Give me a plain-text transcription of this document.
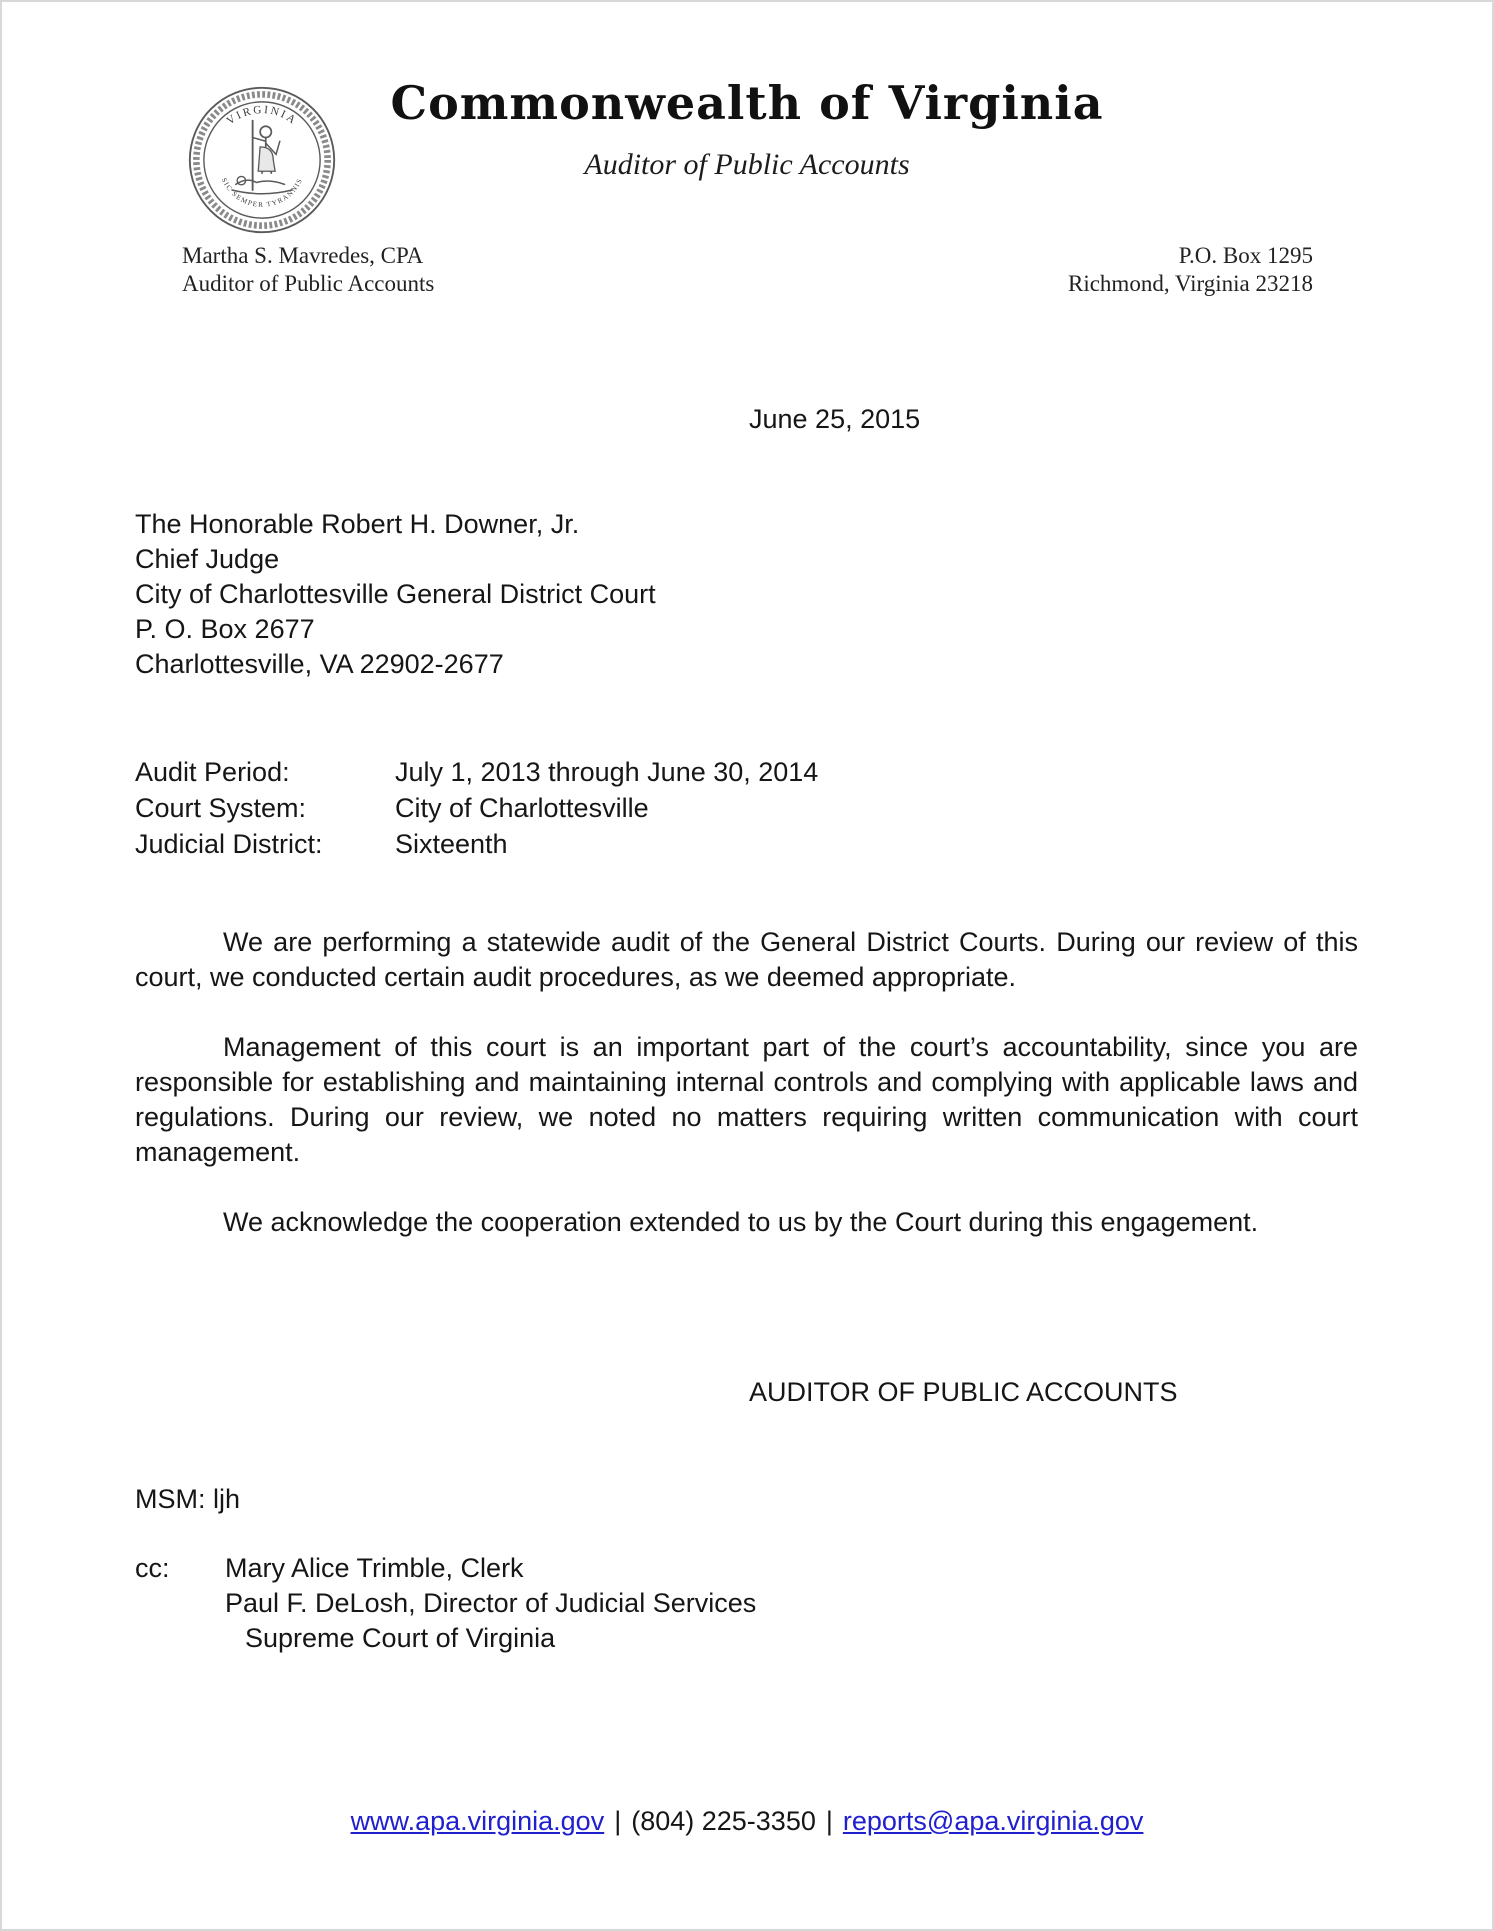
VIRGINIA
SIC SEMPER TYRANNIS
Commonwealth of Virginia
Auditor of Public Accounts
Martha S. Mavredes, CPA
Auditor of Public Accounts
P.O. Box 1295
Richmond, Virginia 23218
June 25, 2015
The Honorable Robert H. Downer, Jr.
Chief Judge
City of Charlottesville General District Court
P. O. Box 2677
Charlottesville, VA 22902-2677
Audit Period:	July 1, 2013 through June 30, 2014
Court System:	City of Charlottesville
Judicial District:	Sixteenth

We are performing a statewide audit of the General District Courts. During our review of this court, we conducted certain audit procedures, as we deemed appropriate.

Management of this court is an important part of the court’s accountability, since you are responsible for establishing and maintaining internal controls and complying with applicable laws and regulations. During our review, we noted no matters requiring written communication with court management.

We acknowledge the cooperation extended to us by the Court during this engagement.

AUDITOR OF PUBLIC ACCOUNTS
MSM: ljh
cc:	Mary Alice Trimble, Clerk
Paul F. DeLosh, Director of Judicial Services
Supreme Court of Virginia
www.apa.virginia.gov | (804) 225-3350 | reports@apa.virginia.gov
